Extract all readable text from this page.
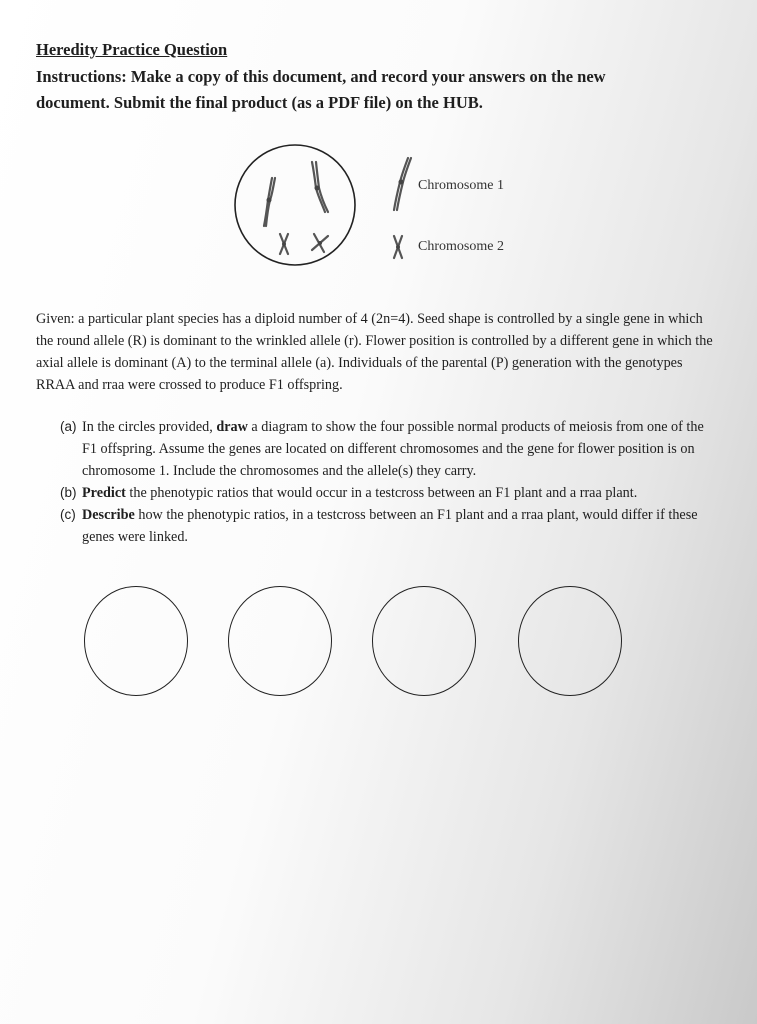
Heredity Practice Question
Instructions: Make a copy of this document, and record your answers on the new document. Submit the final product (as a PDF file) on the HUB.
Chromosome 1
Chromosome 2
Given: a particular plant species has a diploid number of 4 (2n=4). Seed shape is controlled by a single gene in which the round allele (R) is dominant to the wrinkled allele (r). Flower position is controlled by a different gene in which the axial allele is dominant (A) to the terminal allele (a). Individuals of the parental (P) generation with the genotypes RRAA and rraa were crossed to produce F1 offspring.
(a) In the circles provided, draw a diagram to show the four possible normal products of meiosis from one of the F1 offspring. Assume the genes are located on different chromosomes and the gene for flower position is on chromosome 1. Include the chromosomes and the allele(s) they carry.
(b) Predict the phenotypic ratios that would occur in a testcross between an F1 plant and a rraa plant.
(c) Describe how the phenotypic ratios, in a testcross between an F1 plant and a rraa plant, would differ if these genes were linked.
